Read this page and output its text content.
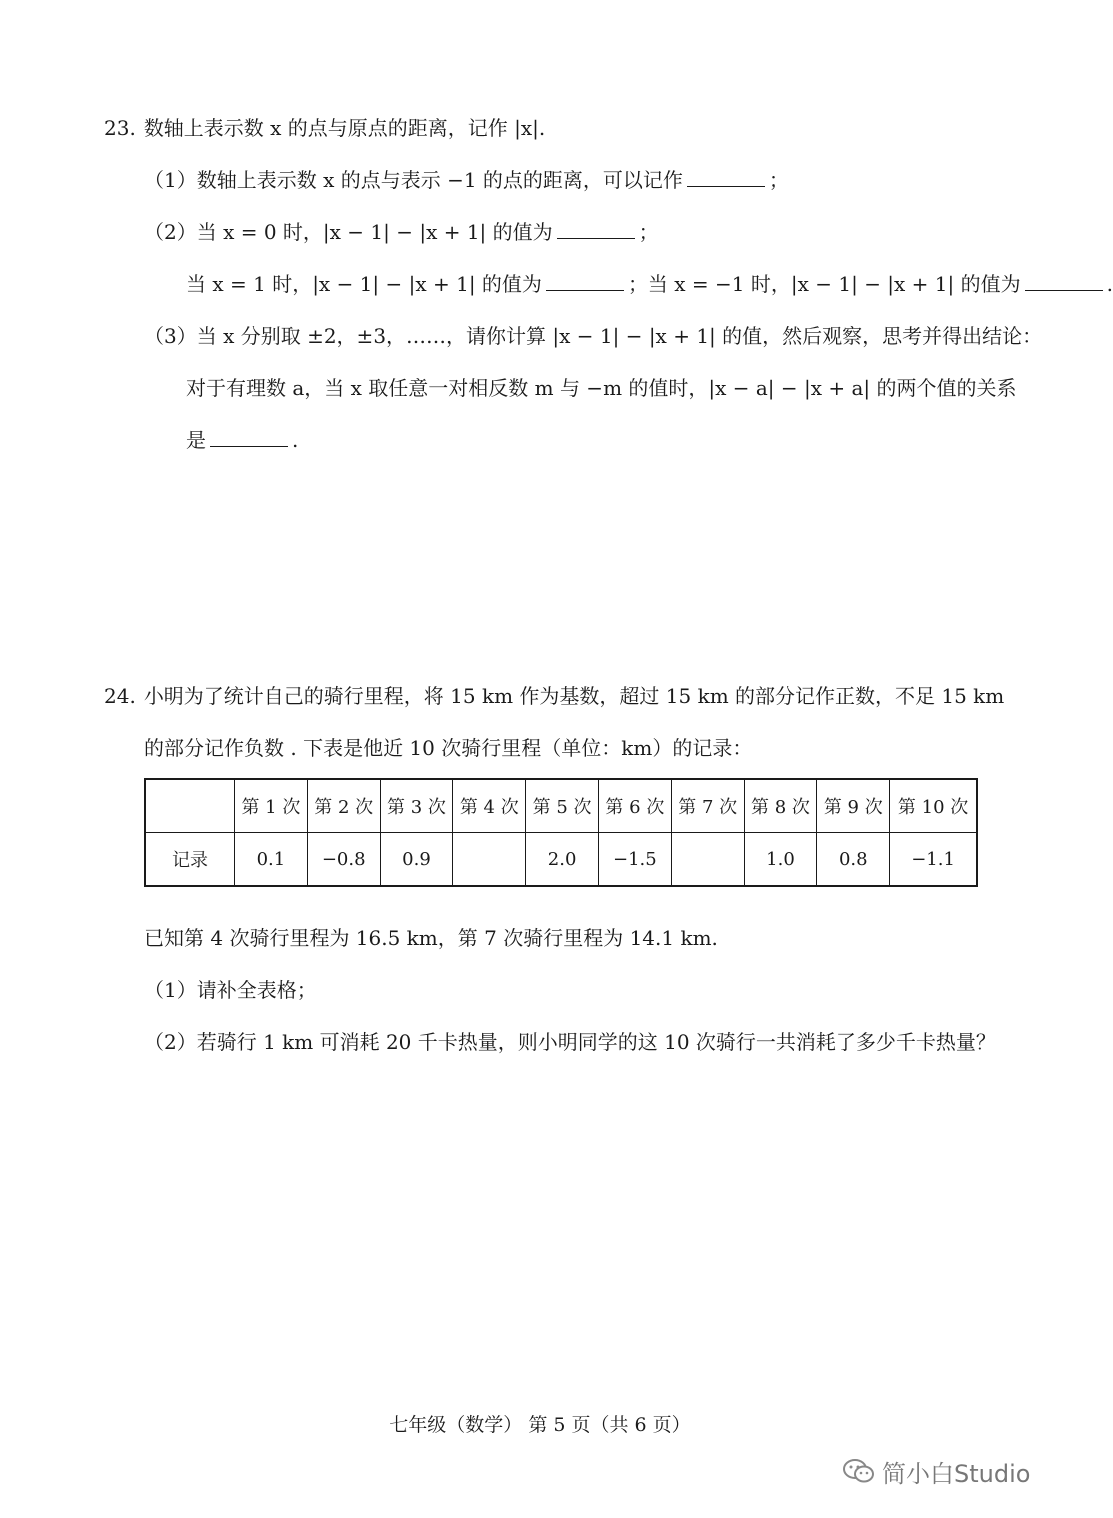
23. 数轴上表示数 x 的点与原点的距离，记作 |x|.
（1）数轴上表示数 x 的点与表示 −1 的点的距离，可以记作	；
（2）当 x = 0 时，|x − 1| − |x + 1| 的值为	；
当 x = 1 时，|x − 1| − |x + 1| 的值为	；当 x = −1 时，|x − 1| − |x + 1| 的值为	.
（3）当 x 分别取 ±2，±3，……，请你计算 |x − 1| − |x + 1| 的值，然后观察，思考并得出结论：
对于有理数 a，当 x 取任意一对相反数 m 与 −m 的值时，|x − a| − |x + a| 的两个值的关系
是	.
24. 小明为了统计自己的骑行里程，将 15 km 作为基数，超过 15 km 的部分记作正数，不足 15 km
的部分记作负数 . 下表是他近 10 次骑行里程（单位：km）的记录：
	第 1 次	第 2 次	第 3 次	第 4 次	第 5 次	第 6 次	第 7 次	第 8 次	第 9 次	第 10 次
记录	0.1	−0.8	0.9		2.0	−1.5		1.0	0.8	−1.1
已知第 4 次骑行里程为 16.5 km，第 7 次骑行里程为 14.1 km.
（1）请补全表格；
（2）若骑行 1 km 可消耗 20 千卡热量，则小明同学的这 10 次骑行一共消耗了多少千卡热量？
七年级（数学） 第 5 页（共 6 页）
简小白Studio
